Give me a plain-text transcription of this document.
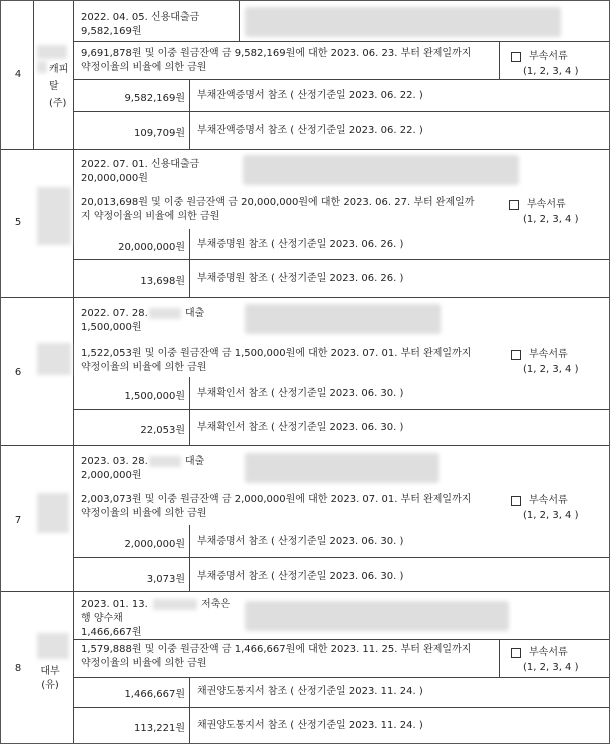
4	캐피탈(주)
2022. 04. 05. 신용대출금
9,582,169원
9,691,878원 및 이중 원금잔액 금 9,582,169원에 대한 2023. 06. 23. 부터 완제일까지
약정이율의 비율에 의한 금원
부속서류
(1, 2, 3, 4 )
9,582,169원 부채잔액증명서 참조 ( 산정기준일 2023. 06. 22. )
109,709원 부채잔액증명서 참조 ( 산정기준일 2023. 06. 22. )
5
2022. 07. 01. 신용대출금
20,000,000원
20,013,698원 및 이중 원금잔액 금 20,000,000원에 대한 2023. 06. 27. 부터 완제일까
지 약정이율의 비율에 의한 금원
부속서류
(1, 2, 3, 4 )
20,000,000원 부채증명원 참조 ( 산정기준일 2023. 06. 26. )
13,698원 부채증명원 참조 ( 산정기준일 2023. 06. 26. )
6
2022. 07. 28.	대출
1,500,000원
1,522,053원 및 이중 원금잔액 금 1,500,000원에 대한 2023. 07. 01. 부터 완제일까지
약정이율의 비율에 의한 금원
부속서류
(1, 2, 3, 4 )
1,500,000원 부채확인서 참조 ( 산정기준일 2023. 06. 30. )
22,053원 부채확인서 참조 ( 산정기준일 2023. 06. 30. )
7
2023. 03. 28.	대출
2,000,000원
2,003,073원 및 이중 원금잔액 금 2,000,000원에 대한 2023. 07. 01. 부터 완제일까지
약정이율의 비율에 의한 금원
부속서류
(1, 2, 3, 4 )
2,000,000원 부채증명서 참조 ( 산정기준일 2023. 06. 30. )
3,073원 부채증명서 참조 ( 산정기준일 2023. 06. 30. )
8	대부 (유)
2023. 01. 13.	저축은
행 양수채
1,466,667원
1,579,888원 및 이중 원금잔액 금 1,466,667원에 대한 2023. 11. 25. 부터 완제일까지
약정이율의 비율에 의한 금원
부속서류
(1, 2, 3, 4 )
1,466,667원 채권양도통지서 참조 ( 산정기준일 2023. 11. 24. )
113,221원 채권양도통지서 참조 ( 산정기준일 2023. 11. 24. )
